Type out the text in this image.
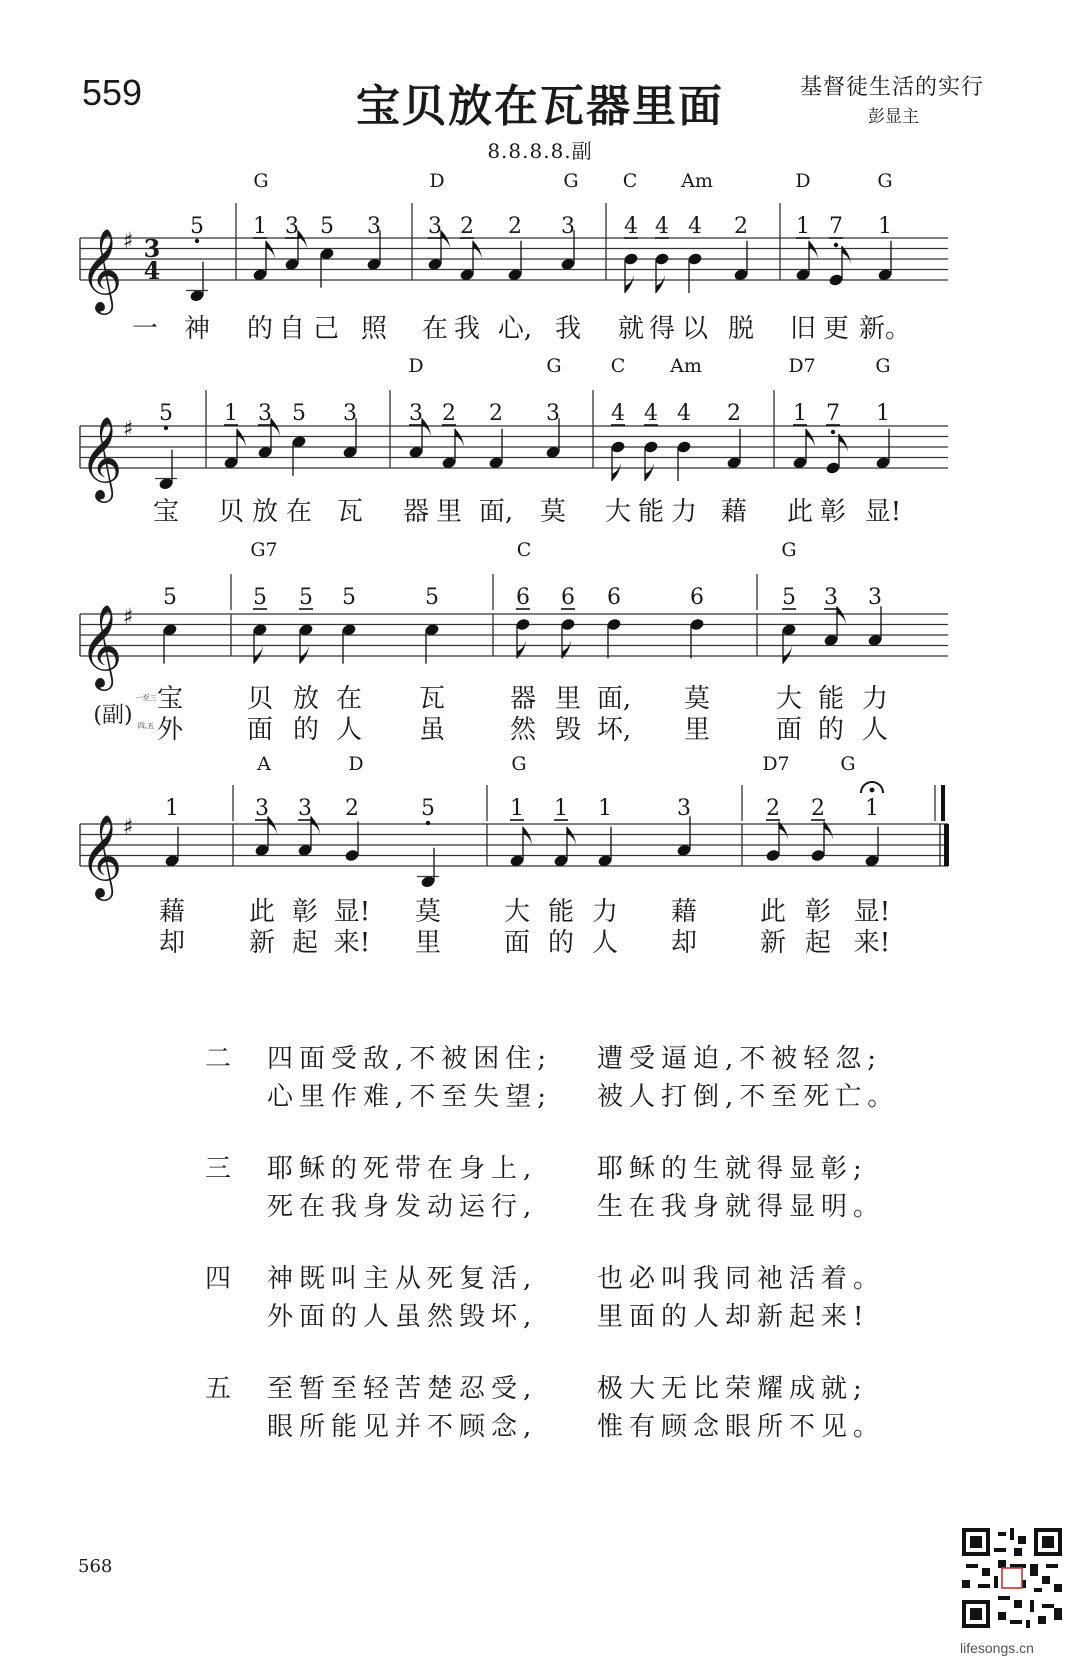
559	宝贝放在瓦器里面
8.8.8.8.副
基督徒生活的实行
彭显主
𝄞 ♯ 3
4
G	D	G C Am	D	G
5 1 3 5 3 3 2 2 3 4 4 4 2 1 7 1
一 神 的 自 己 照 在 我 心, 我 就 得 以 脱 旧 更 新。
𝄞 ♯
D	G	C Am	D7	G
5 1 3 5 3 3 2 2 3 4 4 4 2 1 7 1
宝 贝 放 在 瓦 器 里 面, 莫 大 能 力 藉 此 彰 显!
𝄞 ♯
G7	C	G
5	5 5 5	5	6 6 6	6	5 3 3
宝 贝 放 在 瓦 器 里 面, 莫	大 能 力
外 面 的 人 虽 然 毁 坏, 里	面 的 人
(副)
一至三
四,五
𝄞 ♯
A	D	G	D7	G
1	3 3 2	5	1 1 1	3	2 2 1
藉 此 彰 显! 莫 大 能 力 藉 此 彰 显!
却 新 起 来! 里 面 的 人 却 新 起 来!
二 四面受敌,不被困住; 遭受逼迫,不被轻忽;
心里作难,不至失望; 被人打倒,不至死亡。
三 耶稣的死带在身上, 耶稣的生就得显彰;
死在我身发动运行, 生在我身就得显明。
四 神既叫主从死复活, 也必叫我同祂活着。
外面的人虽然毁坏, 里面的人却新起来!
五 至暂至轻苦楚忍受, 极大无比荣耀成就;
眼所能见并不顾念, 惟有顾念眼所不见。
568
lifesongs.cn
